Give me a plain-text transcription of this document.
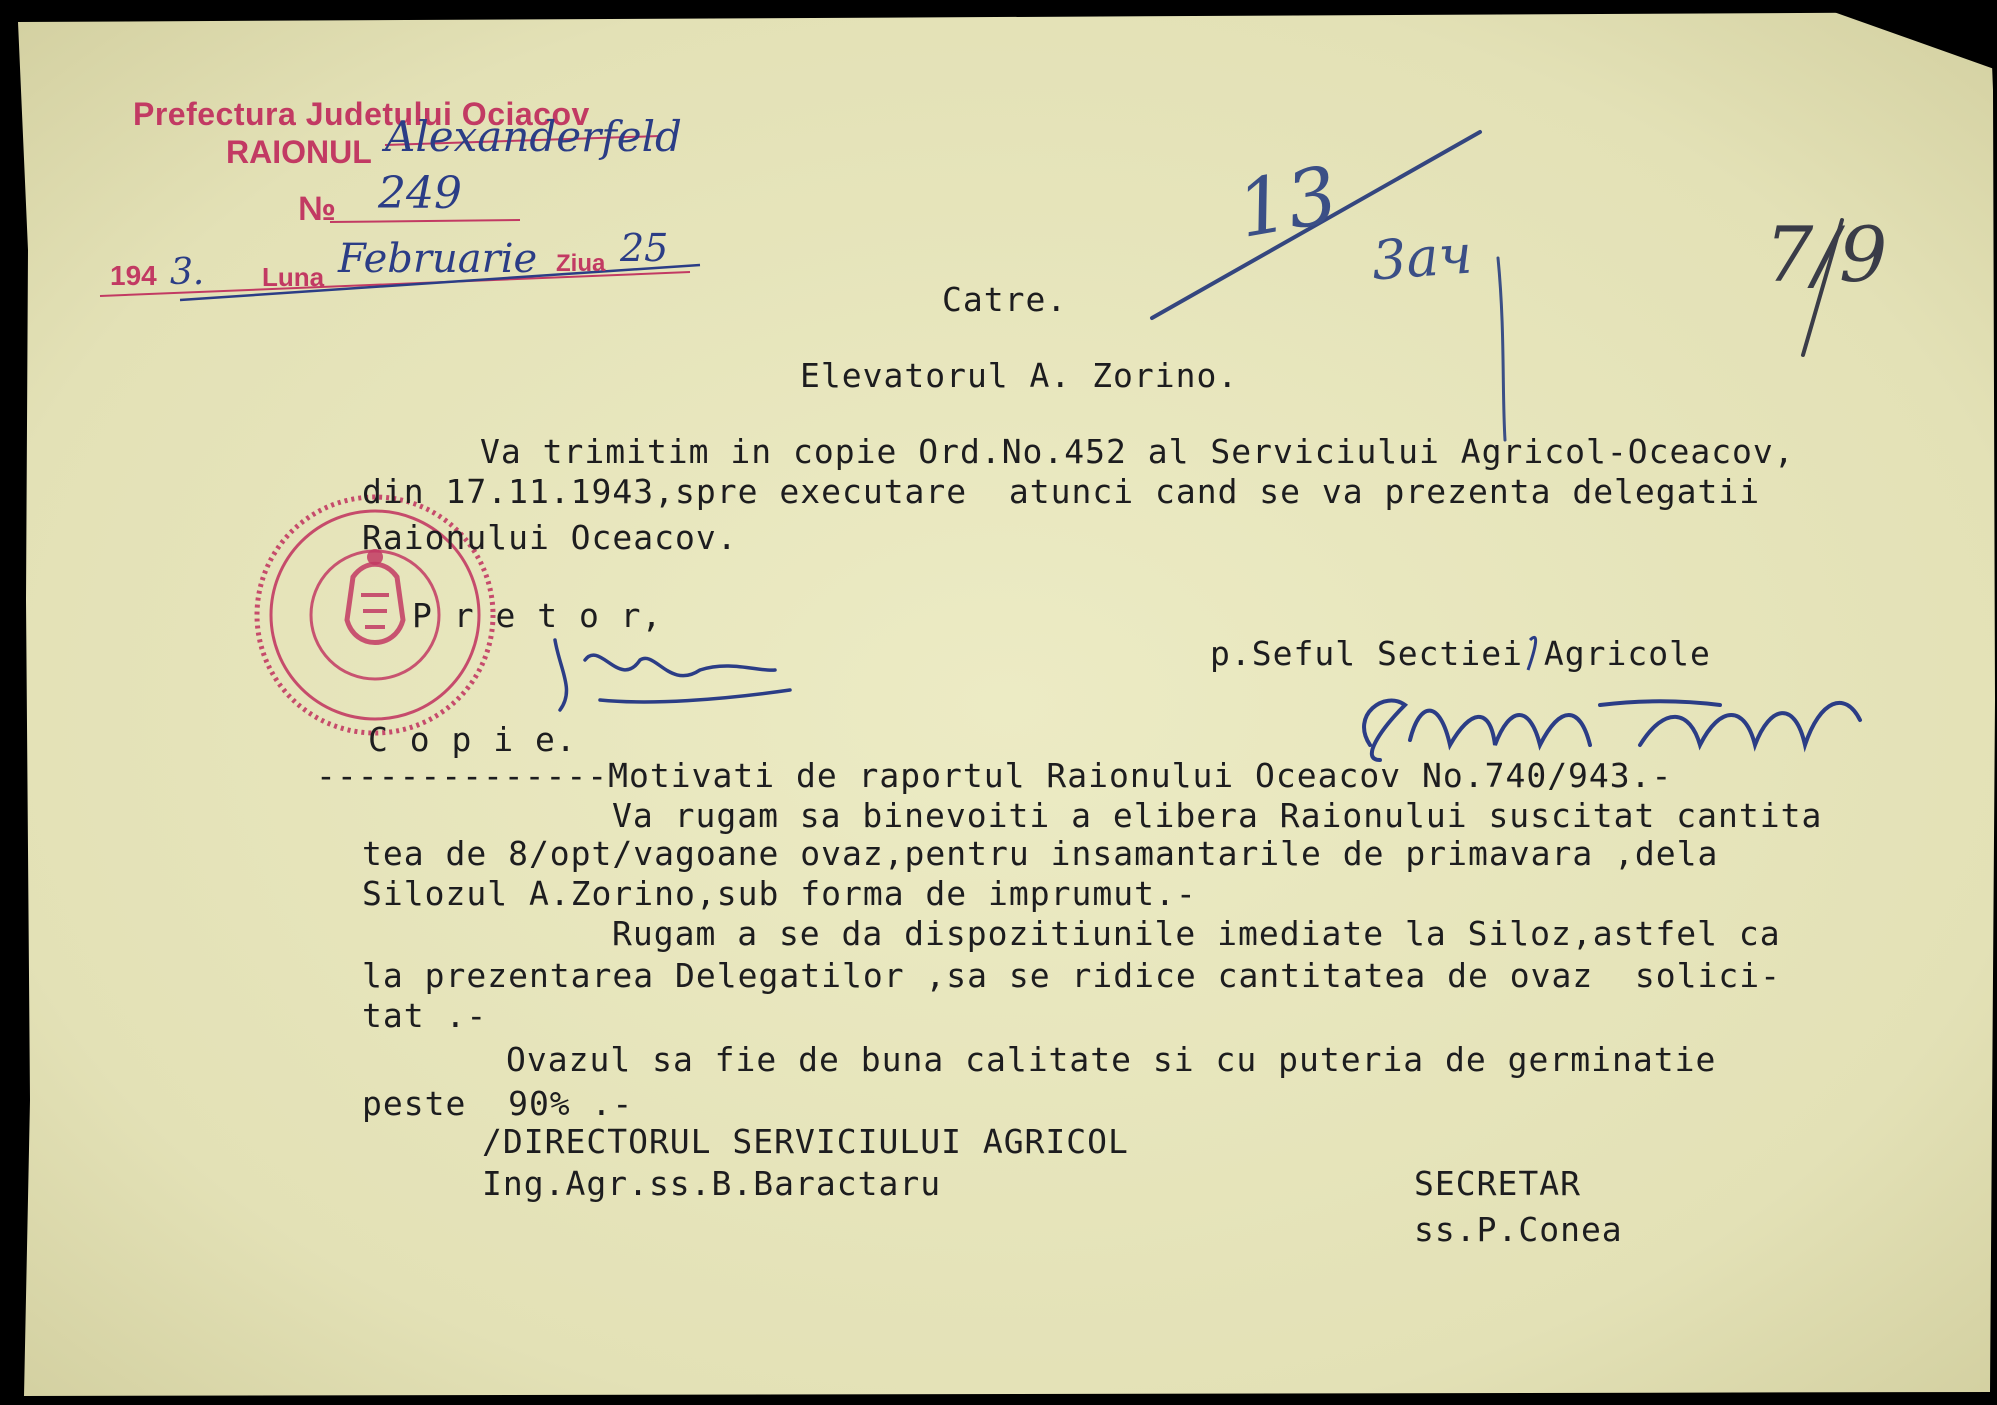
Prefectura Judetului Ociacov
RAIONUL Alexanderfeld
№ 249
194 3. Luna Februarie Ziua 25	13
3ач	7/9
Catre.
Elevatorul A. Zorino.
Va trimitim in copie Ord.No.452 al Serviciului Agricol-Oceacov,
din 17.11.1943,spre executare  atunci cand se va prezenta delegatii
Raionului Oceacov.
P r e t o r,
p.Seful Sectiei Agricole
C o p i e.
--------------Motivati de raportul Raionului Oceacov No.740/943.-
Va rugam sa binevoiti a elibera Raionului suscitat cantita
tea de 8/opt/vagoane ovaz,pentru insamantarile de primavara ,dela
Silozul A.Zorino,sub forma de imprumut.-
Rugam a se da dispozitiunile imediate la Siloz,astfel ca
la prezentarea Delegatilor ,sa se ridice cantitatea de ovaz  solici-
tat .-
Ovazul sa fie de buna calitate si cu puteria de germinatie
peste  90% .-
/DIRECTORUL SERVICIULUI AGRICOL
Ing.Agr.ss.B.Baractaru	SECRETAR
ss.P.Conea
